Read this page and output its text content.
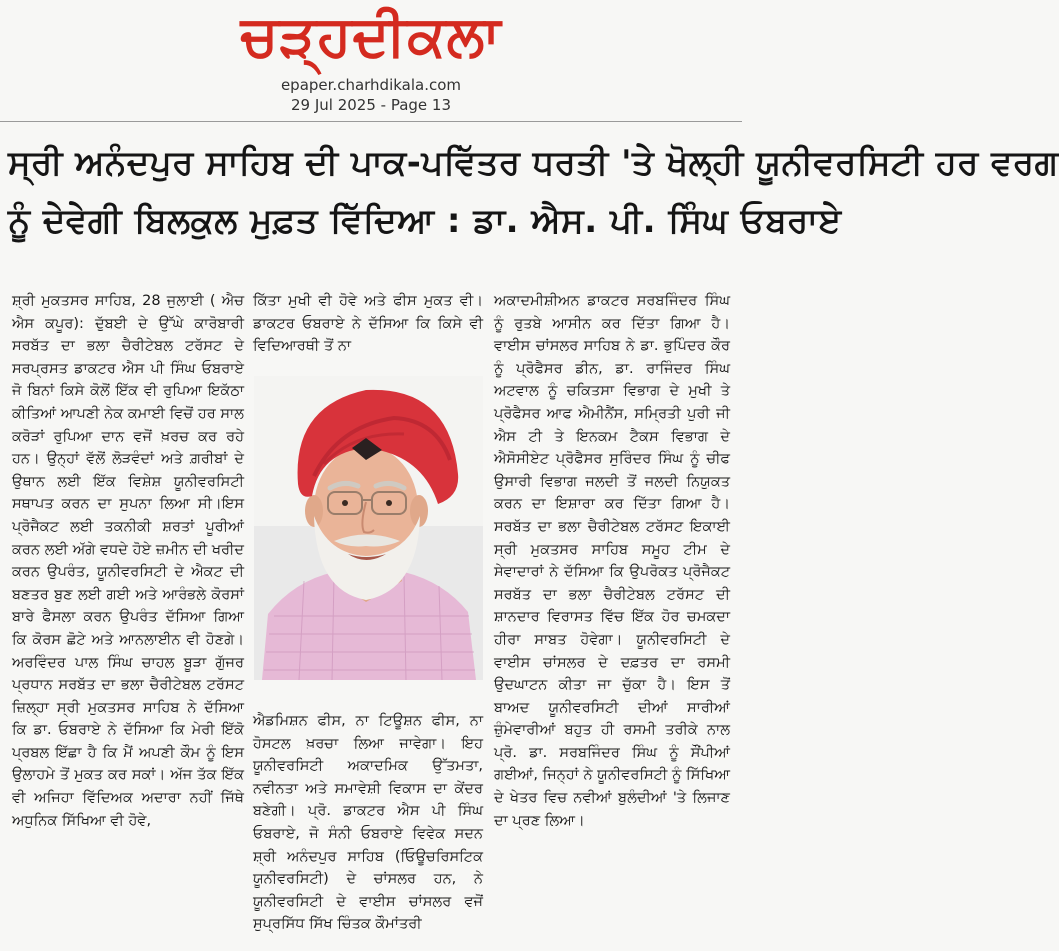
ਚੜ੍ਹਦੀਕਲਾ
epaper.charhdikala.com
29 Jul 2025 - Page 13
ਸ੍ਰੀ ਅਨੰਦਪੁਰ ਸਾਹਿਬ ਦੀ ਪਾਕ-ਪਵਿੱਤਰ ਧਰਤੀ 'ਤੇ ਖੋਲ੍ਹੀ ਯੂਨੀਵਰਸਿਟੀ ਹਰ ਵਰਗ
ਨੂੰ ਦੇਵੇਗੀ ਬਿਲਕੁਲ ਮੁਫ਼ਤ ਵਿੱਦਿਆ : ਡਾ. ਐਸ. ਪੀ. ਸਿੰਘ ਓਬਰਾਏ

ਸ਼੍ਰੀ ਮੁਕਤਸਰ ਸਾਹਿਬ, 28 ਜੁਲਾਈ ( ਐਚ ਐਸ ਕਪੂਰ): ਦੁੱਬਈ ਦੇ ਉੱਘੇ ਕਾਰੋਬਾਰੀ ਸਰਬੱਤ ਦਾ ਭਲਾ ਚੈਰੀਟੇਬਲ ਟਰੱਸਟ ਦੇ ਸਰਪ੍ਰਸਤ ਡਾਕਟਰ ਐਸ ਪੀ ਸਿੰਘ ਓਬਰਾਏ ਜੋ ਬਿਨਾਂ ਕਿਸੇ ਕੋਲੋਂ ਇੱਕ ਵੀ ਰੁਪਿਆ ਇਕੱਠਾ ਕੀਤਿਆਂ ਆਪਣੀ ਨੇਕ ਕਮਾਈ ਵਿਚੋਂ ਹਰ ਸਾਲ ਕਰੋੜਾਂ ਰੁਪਿਆ ਦਾਨ ਵਜੋਂ ਖ਼ਰਚ ਕਰ ਰਹੇ ਹਨ। ਉਨ੍ਹਾਂ ਵੱਲੋਂ ਲੋੜਵੰਦਾਂ ਅਤੇ ਗ਼ਰੀਬਾਂ ਦੇ ਉਥਾਨ ਲਈ ਇੱਕ ਵਿਸ਼ੇਸ਼ ਯੂਨੀਵਰਸਿਟੀ ਸਥਾਪਤ ਕਰਨ ਦਾ ਸੁਪਨਾ ਲਿਆ ਸੀ।ਇਸ ਪ੍ਰੋਜੈਕਟ ਲਈ ਤਕਨੀਕੀ ਸ਼ਰਤਾਂ ਪੂਰੀਆਂ ਕਰਨ ਲਈ ਅੱਗੇ ਵਧਦੇ ਹੋਏ ਜ਼ਮੀਨ ਦੀ ਖਰੀਦ ਕਰਨ ਉਪਰੰਤ, ਯੂਨੀਵਰਸਿਟੀ ਦੇ ਐਕਟ ਦੀ ਬਣਤਰ ਬੁਣ ਲਈ ਗਈ ਅਤੇ ਆਰੰਭਲੇ ਕੋਰਸਾਂ ਬਾਰੇ ਫੈਸਲਾ ਕਰਨ ਉਪਰੰਤ ਦੱਸਿਆ ਗਿਆ ਕਿ ਕੋਰਸ ਛੋਟੇ ਅਤੇ ਆਨਲਾਈਨ ਵੀ ਹੋਣਗੇ। ਅਰਵਿੰਦਰ ਪਾਲ ਸਿੰਘ ਚਾਹਲ ਬੂੜਾ ਗੁੱਜਰ ਪ੍ਰਧਾਨ ਸਰਬੱਤ ਦਾ ਭਲਾ ਚੈਰੀਟੇਬਲ ਟਰੱਸਟ ਜ਼ਿਲ੍ਹਾ ਸ੍ਰੀ ਮੁਕਤਸਰ ਸਾਹਿਬ ਨੇ ਦੱਸਿਆ ਕਿ ਡਾ. ਓਬਰਾਏ ਨੇ ਦੱਸਿਆ ਕਿ ਮੇਰੀ ਇੱਕੋ ਪ੍ਰਬਲ ਇੱਛਾ ਹੈ ਕਿ ਮੈਂ ਅਪਣੀ ਕੌਮ ਨੂੰ ਇਸ ਉਲਾਹਮੇ ਤੋਂ ਮੁਕਤ ਕਰ ਸਕਾਂ। ਅੱਜ ਤੱਕ ਇੱਕ ਵੀ ਅਜਿਹਾ ਵਿੱਦਿਅਕ ਅਦਾਰਾ ਨਹੀਂ ਜਿੱਥੇ ਅਧੁਨਿਕ ਸਿੱਖਿਆ ਵੀ ਹੋਵੇ,

ਕਿੱਤਾ ਮੁਖੀ ਵੀ ਹੋਵੇ ਅਤੇ ਫੀਸ ਮੁਕਤ ਵੀ। ਡਾਕਟਰ ਓਬਰਾਏ ਨੇ ਦੱਸਿਆ ਕਿ ਕਿਸੇ ਵੀ ਵਿਦਿਆਰਥੀ ਤੋਂ ਨਾ

ਐਡਮਿਸ਼ਨ ਫੀਸ, ਨਾ ਟਿਊਸ਼ਨ ਫੀਸ, ਨਾ ਹੋਸਟਲ ਖ਼ਰਚਾ ਲਿਆ ਜਾਵੇਗਾ। ਇਹ ਯੂਨੀਵਰਸਿਟੀ ਅਕਾਦਮਿਕ ਉੱਤਮਤਾ, ਨਵੀਨਤਾ ਅਤੇ ਸਮਾਵੇਸ਼ੀ ਵਿਕਾਸ ਦਾ ਕੇਂਦਰ ਬਣੇਗੀ। ਪ੍ਰੋ. ਡਾਕਟਰ ਐਸ ਪੀ ਸਿੰਘ ਓਬਰਾਏ, ਜੋ ਸੰਨੀ ਓਬਰਾਏ ਵਿਵੇਕ ਸਦਨ ਸ਼੍ਰੀ ਅਨੰਦਪੁਰ ਸਾਹਿਬ (ਓਿਊਚਰਿਸਟਿਕ ਯੂਨੀਵਰਸਿਟੀ) ਦੇ ਚਾਂਸਲਰ ਹਨ, ਨੇ ਯੂਨੀਵਰਸਿਟੀ ਦੇ ਵਾਈਸ ਚਾਂਸਲਰ ਵਜੋਂ ਸੁਪ੍ਰਸਿੱਧ ਸਿੱਖ ਚਿੰਤਕ ਕੌਮਾਂਤਰੀ

ਅਕਾਦਮੀਸ਼ੀਅਨ ਡਾਕਟਰ ਸਰਬਜਿੰਦਰ ਸਿੰਘ ਨੂੰ ਰੁਤਬੇ ਆਸੀਨ ਕਰ ਦਿੱਤਾ ਗਿਆ ਹੈ। ਵਾਈਸ ਚਾਂਸਲਰ ਸਾਹਿਬ ਨੇ ਡਾ. ਭੁਪਿੰਦਰ ਕੌਰ ਨੂੰ ਪ੍ਰੋਫੈਸਰ ਡੀਨ, ਡਾ. ਰਾਜਿੰਦਰ ਸਿੰਘ ਅਟਵਾਲ ਨੂੰ ਚਕਿਤਸਾ ਵਿਭਾਗ ਦੇ ਮੁਖੀ ਤੇ ਪ੍ਰੋਫੈਸਰ ਆਫ ਐਮੀਨੈਂਸ, ਸਮ੍ਰਿਤੀ ਪੁਰੀ ਜੀ ਐਸ ਟੀ ਤੇ ਇਨਕਮ ਟੈਕਸ ਵਿਭਾਗ ਦੇ ਐਸੋਸੀਏਟ ਪ੍ਰੋਫੈਸਰ ਸੁਰਿੰਦਰ ਸਿੰਘ ਨੂੰ ਚੀਫ ਉਸਾਰੀ ਵਿਭਾਗ ਜਲਦੀ ਤੋਂ ਜਲਦੀ ਨਿਯੁਕਤ ਕਰਨ ਦਾ ਇਸ਼ਾਰਾ ਕਰ ਦਿੱਤਾ ਗਿਆ ਹੈ।ਸਰਬੱਤ ਦਾ ਭਲਾ ਚੈਰੀਟੇਬਲ ਟਰੱਸਟ ਇਕਾਈ ਸ੍ਰੀ ਮੁਕਤਸਰ ਸਾਹਿਬ ਸਮੂਹ ਟੀਮ ਦੇ ਸੇਵਾਦਾਰਾਂ ਨੇ ਦੱਸਿਆ ਕਿ ਉਪਰੋਕਤ ਪ੍ਰੋਜੈਕਟ ਸਰਬੱਤ ਦਾ ਭਲਾ ਚੈਰੀਟੇਬਲ ਟਰੱਸਟ ਦੀ ਸ਼ਾਨਦਾਰ ਵਿਰਾਸਤ ਵਿੱਚ ਇੱਕ ਹੋਰ ਚਮਕਦਾ ਹੀਰਾ ਸਾਬਤ ਹੋਵੇਗਾ। ਯੂਨੀਵਰਸਿਟੀ ਦੇ ਵਾਈਸ ਚਾਂਸਲਰ ਦੇ ਦਫ਼ਤਰ ਦਾ ਰਸਮੀ ਉਦਘਾਟਨ ਕੀਤਾ ਜਾ ਚੁੱਕਾ ਹੈ। ਇਸ ਤੋਂ ਬਾਅਦ ਯੂਨੀਵਰਸਿਟੀ ਦੀਆਂ ਸਾਰੀਆਂ ਜ਼ੁੰਮੇਵਾਰੀਆਂ ਬਹੁਤ ਹੀ ਰਸਮੀ ਤਰੀਕੇ ਨਾਲ ਪ੍ਰੋ. ਡਾ. ਸਰਬਜਿੰਦਰ ਸਿੰਘ ਨੂੰ ਸੌਂਪੀਆਂ ਗਈਆਂ, ਜਿਨ੍ਹਾਂ ਨੇ ਯੂਨੀਵਰਸਿਟੀ ਨੂੰ ਸਿੱਖਿਆ ਦੇ ਖੇਤਰ ਵਿਚ ਨਵੀਆਂ ਬੁਲੰਦੀਆਂ 'ਤੇ ਲਿਜਾਣ ਦਾ ਪ੍ਰਣ ਲਿਆ।
